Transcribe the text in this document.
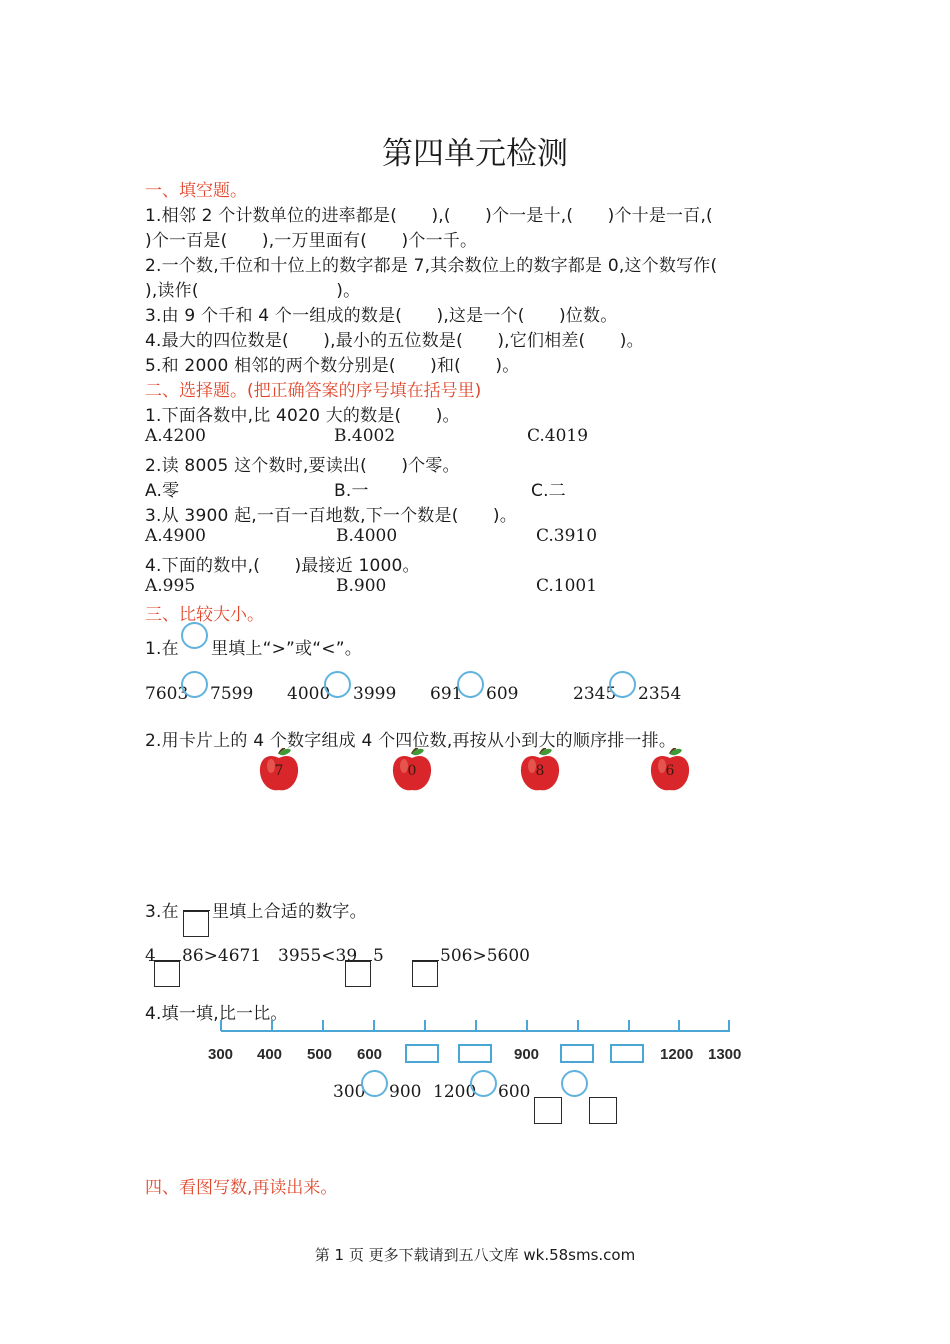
第四单元检测
一、填空题。
1.相邻 2 个计数单位的进率都是(　　),(　　)个一是十,(　　)个十是一百,(
)个一百是(　　),一万里面有(　　)个一千。
2.一个数,千位和十位上的数字都是 7,其余数位上的数字都是 0,这个数写作(
),读作(　　　　　　　　)。
3.由 9 个千和 4 个一组成的数是(　　),这是一个(　　)位数。
4.最大的四位数是(　　),最小的五位数是(　　),它们相差(　　)。
5.和 2000 相邻的两个数分别是(　　)和(　　)。
二、选择题。(把正确答案的序号填在括号里)
1.下面各数中,比 4020 大的数是(　　)。
A.4200	B.4002	C.4019
2.读 8005 这个数时,要读出(　　)个零。
A.零	B.一	C.二
3.从 3900 起,一百一百地数,下一个数是(　　)。
A.4900	B.4000	C.3910
4.下面的数中,(　　)最接近 1000。
A.995	B.900	C.1001
三、比较大小。
1.在 里填上“>”或“<”。
7603 7599 4000 3999 691 609	2345 2354
2.用卡片上的 4 个数字组成 4 个四位数,再按从小到大的顺序排一排。
7	0	8	6
3.在 里填上合适的数字。
4 86>4671 3955<39 5	506>5600
4.填一填,比一比。
300 400 500 600	900	1200 1300
300 900 1200 600
四、看图写数,再读出来。
第 1 页 更多下载请到五八文库 wk.58sms.com
